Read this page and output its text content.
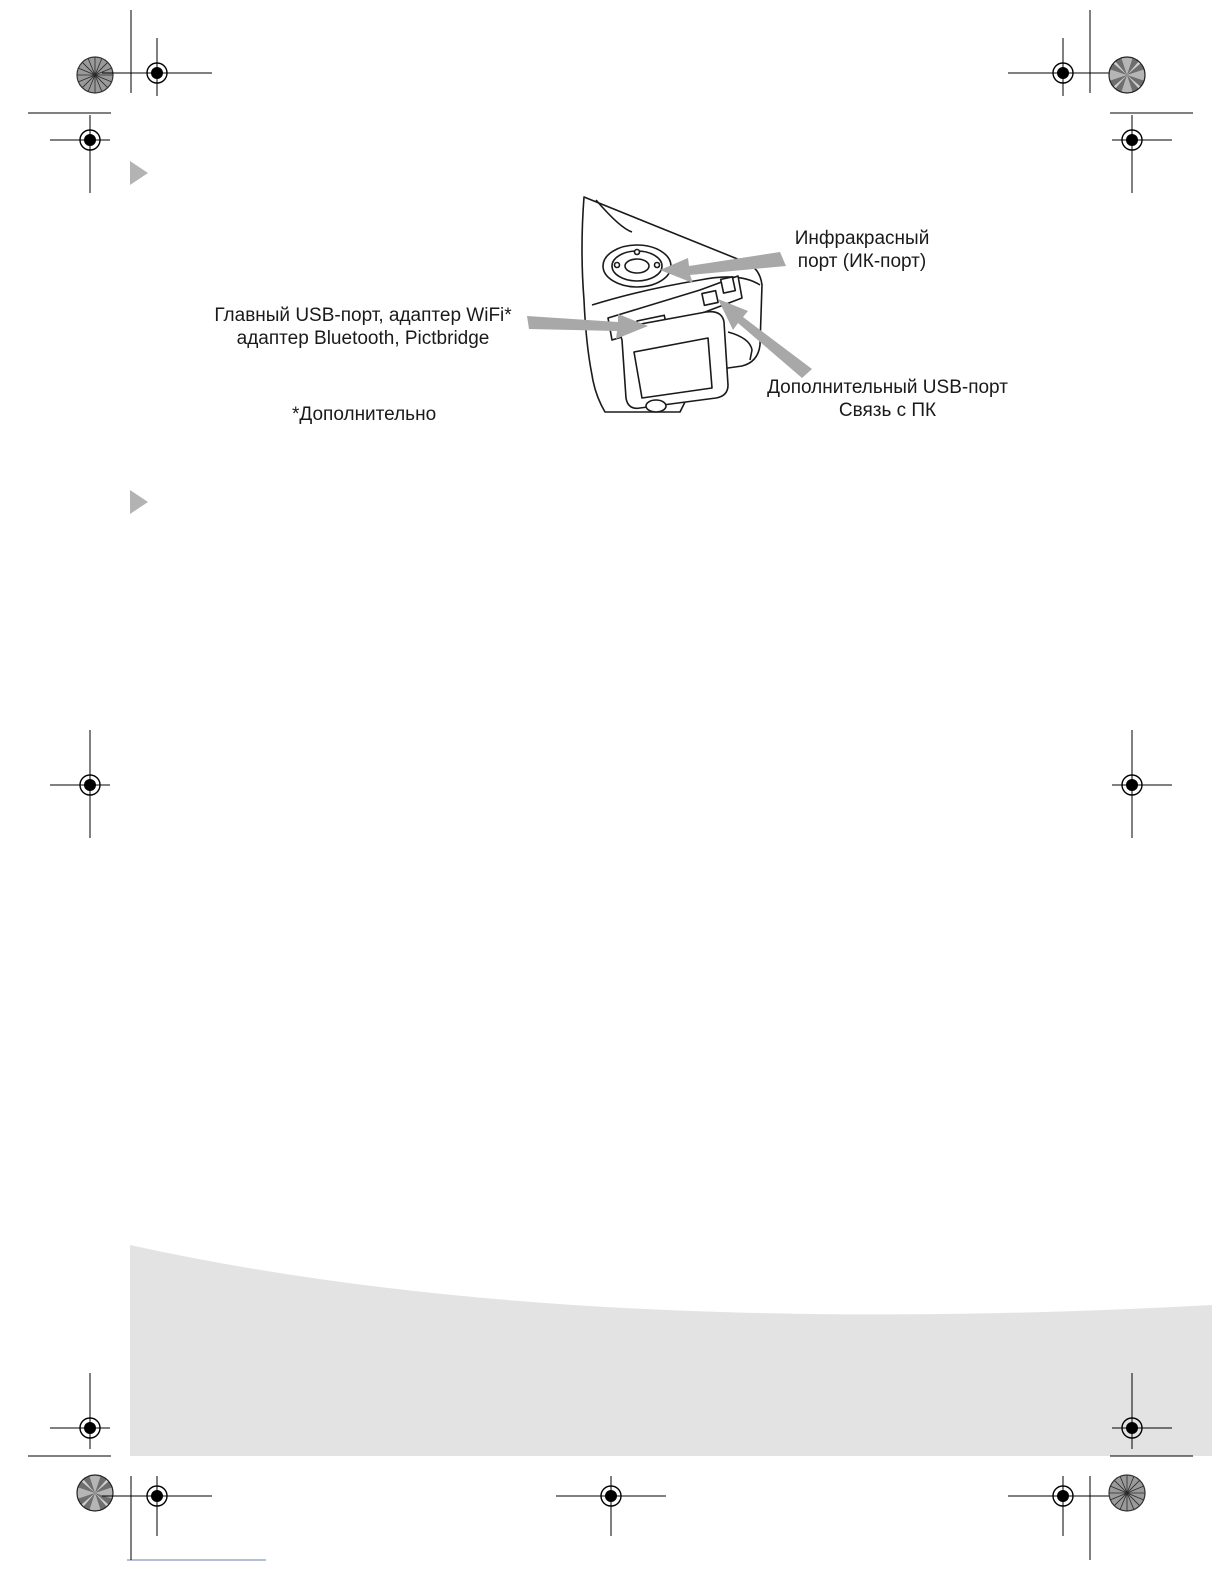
Инфракрасный
порт (ИК-порт)
Главный USB-порт, адаптер WiFi*
адаптер Bluetooth, Pictbridge
Дополнительный USB-порт
Связь с ПК
*Дополнительно
